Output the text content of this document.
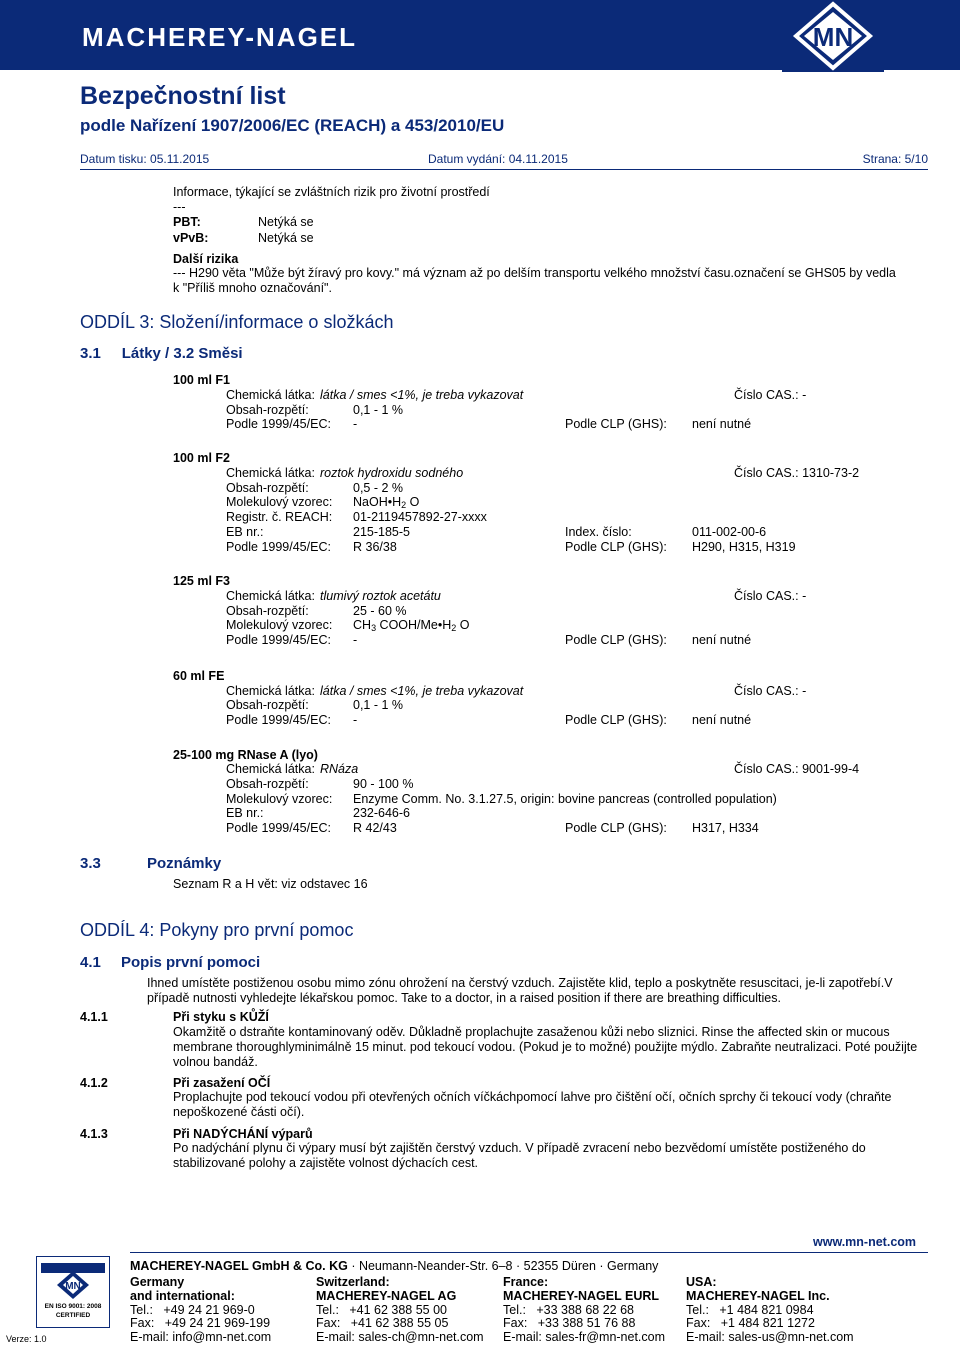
MACHEREY-NAGEL	MN
Bezpečnostní list
podle Nařízení 1907/2006/EC (REACH) a 453/2010/EU
Datum tisku: 05.11.2015	Datum vydání: 04.11.2015	Strana: 5/10
Informace, týkající se zvláštních rizik pro životní prostředí
---
PBT:	Netýká se
vPvB:	Netýká se
Další rizika
--- H290 věta "Může být žíravý pro kovy." má význam až po delším transportu velkého množství času.označení se GHS05 by vedla
k "Příliš mnoho označování".
ODDÍL 3: Složení/informace o složkách
3.1     Látky / 3.2 Směsi
100 ml F1
Chemická látka: látka / smes <1%, je treba vykazovat	Číslo CAS.: -
Obsah-rozpětí:	0,1 - 1 %
Podle 1999/45/EC: -	Podle CLP (GHS): není nutné
100 ml F2
Chemická látka: roztok hydroxidu sodného	Číslo CAS.: 1310-73-2
Obsah-rozpětí:	0,5 - 2 %
Molekulový vzorec: $NaOH•H_2$ O
Registr. č. REACH: 01-2119457892-27-xxxx
EB nr.:	215-185-5	Index. číslo:	011-002-00-6
Podle 1999/45/EC: R 36/38	Podle CLP (GHS): H290, H315, H319
125 ml F3
Chemická látka: tlumivý roztok acetátu	Číslo CAS.: -
Obsah-rozpětí:	25 - 60 %
Molekulový vzorec: $CH_3$ COOH/$Me•H_2$ O
Podle 1999/45/EC: -	Podle CLP (GHS): není nutné
60 ml FE
Chemická látka: látka / smes <1%, je treba vykazovat	Číslo CAS.: -
Obsah-rozpětí:	0,1 - 1 %
Podle 1999/45/EC: -	Podle CLP (GHS): není nutné
25-100 mg RNase A (lyo)
Chemická látka: RNáza	Číslo CAS.: 9001-99-4
Obsah-rozpětí:	90 - 100 %
Molekulový vzorec: Enzyme Comm. No. 3.1.27.5, origin: bovine pancreas (controlled population)
EB nr.:	232-646-6
Podle 1999/45/EC: R 42/43	Podle CLP (GHS): H317, H334
3.3	Poznámky
Seznam R a H vět: viz odstavec 16
ODDÍL 4: Pokyny pro první pomoc
4.1 Popis první pomoci
Ihned umístěte postiženou osobu mimo zónu ohrožení na čerstvý vzduch. Zajistěte klid, teplo a poskytněte resuscitaci, je-li zapotřebí.V případě nutnosti vyhledejte lékařskou pomoc. Take to a doctor, in a raised position if there are breathing difficulties.
4.1.1	Při styku s KŮŽÍ
Okamžitě o dstraňte kontaminovaný oděv. Důkladně proplachujte zasaženou kůži nebo sliznici. Rinse the affected skin or mucous membrane thoroughlyminimálně 15 minut. pod tekoucí vodou. (Pokud je to možné) použijte mýdlo. Zabraňte neutralizaci. Poté použijte volnou bandáž.
4.1.2	Při zasažení OČÍ
Proplachujte pod tekoucí vodou při otevřených očních víčkáchpomocí lahve pro čištění očí, očních sprchy či tekoucí vody (chraňte nepoškozené části očí).
4.1.3	Při NADÝCHÁNÍ výparů
Po nadýchání plynu či výpary musí být zajištěn čerstvý vzduch. V případě zvracení nebo bezvědomí umístěte postiženého do stabilizované polohy a zajistěte volnost dýchacích cest.
www.mn-net.com
MN
EN ISO 9001: 2008
CERTIFIED
Verze: 1.0
MACHEREY-NAGEL GmbH & Co. KG · Neumann-Neander-Str. 6–8 · 52355 Düren · Germany
Germany
and international:
Tel.:   +49 24 21 969-0
Fax:   +49 24 21 969-199
E-mail: info@mn-net.com
Switzerland:
MACHEREY-NAGEL AG
Tel.:   +41 62 388 55 00
Fax:   +41 62 388 55 05
E-mail: sales-ch@mn-net.com
France:
MACHEREY-NAGEL EURL
Tel.:   +33 388 68 22 68
Fax:   +33 388 51 76 88
E-mail: sales-fr@mn-net.com
USA:
MACHEREY-NAGEL Inc.
Tel.:   +1 484 821 0984
Fax:   +1 484 821 1272
E-mail: sales-us@mn-net.com
